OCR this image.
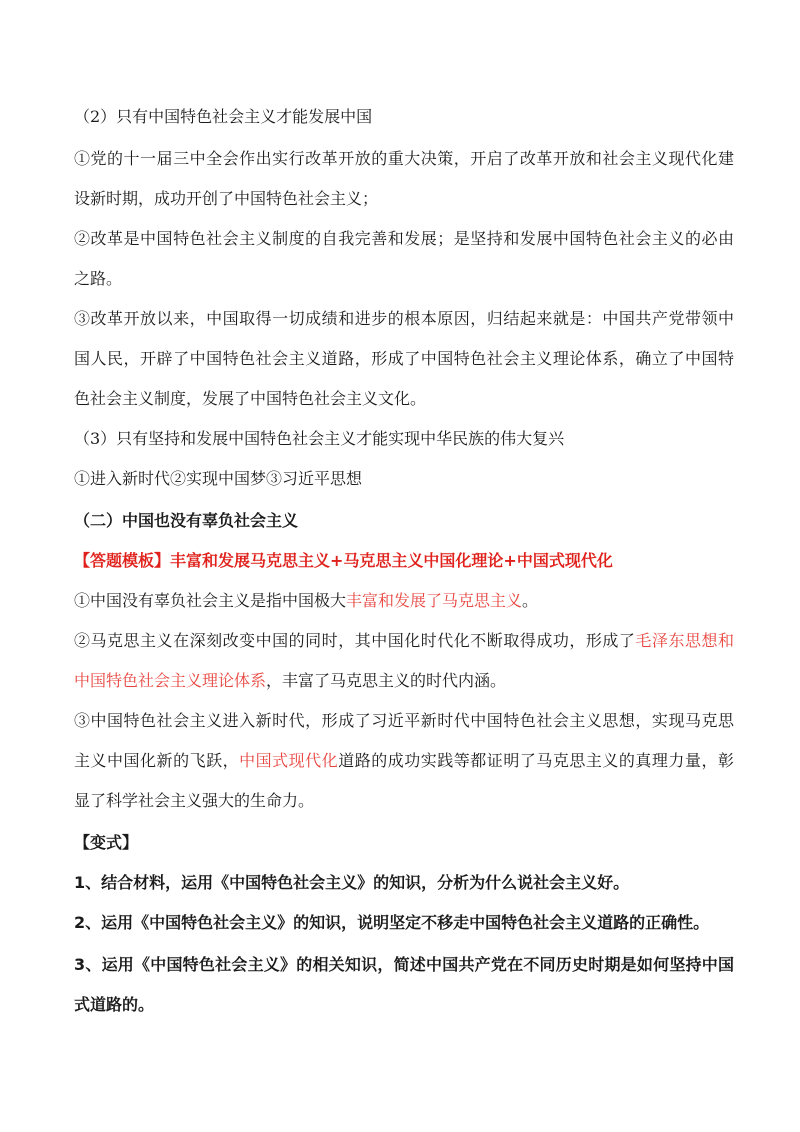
（2）只有中国特色社会主义才能发展中国
①党的十一届三中全会作出实行改革开放的重大决策，开启了改革开放和社会主义现代化建
设新时期，成功开创了中国特色社会主义；
②改革是中国特色社会主义制度的自我完善和发展；是坚持和发展中国特色社会主义的必由
之路。
③改革开放以来，中国取得一切成绩和进步的根本原因，归结起来就是：中国共产党带领中
国人民，开辟了中国特色社会主义道路，形成了中国特色社会主义理论体系，确立了中国特
色社会主义制度，发展了中国特色社会主义文化。
（3）只有坚持和发展中国特色社会主义才能实现中华民族的伟大复兴
①进入新时代②实现中国梦③习近平思想
（二）中国也没有辜负社会主义
【答题模板】丰富和发展马克思主义+马克思主义中国化理论+中国式现代化
①中国没有辜负社会主义是指中国极大丰富和发展了马克思主义。
②马克思主义在深刻改变中国的同时，其中国化时代化不断取得成功，形成了毛泽东思想和
中国特色社会主义理论体系，丰富了马克思主义的时代内涵。
③中国特色社会主义进入新时代，形成了习近平新时代中国特色社会主义思想，实现马克思
主义中国化新的飞跃，中国式现代化道路的成功实践等都证明了马克思主义的真理力量，彰
显了科学社会主义强大的生命力。
【变式】
1、结合材料，运用《中国特色社会主义》的知识，分析为什么说社会主义好。
2、运用《中国特色社会主义》的知识，说明坚定不移走中国特色社会主义道路的正确性。
3、运用《中国特色社会主义》的相关知识，简述中国共产党在不同历史时期是如何坚持中国
式道路的。
